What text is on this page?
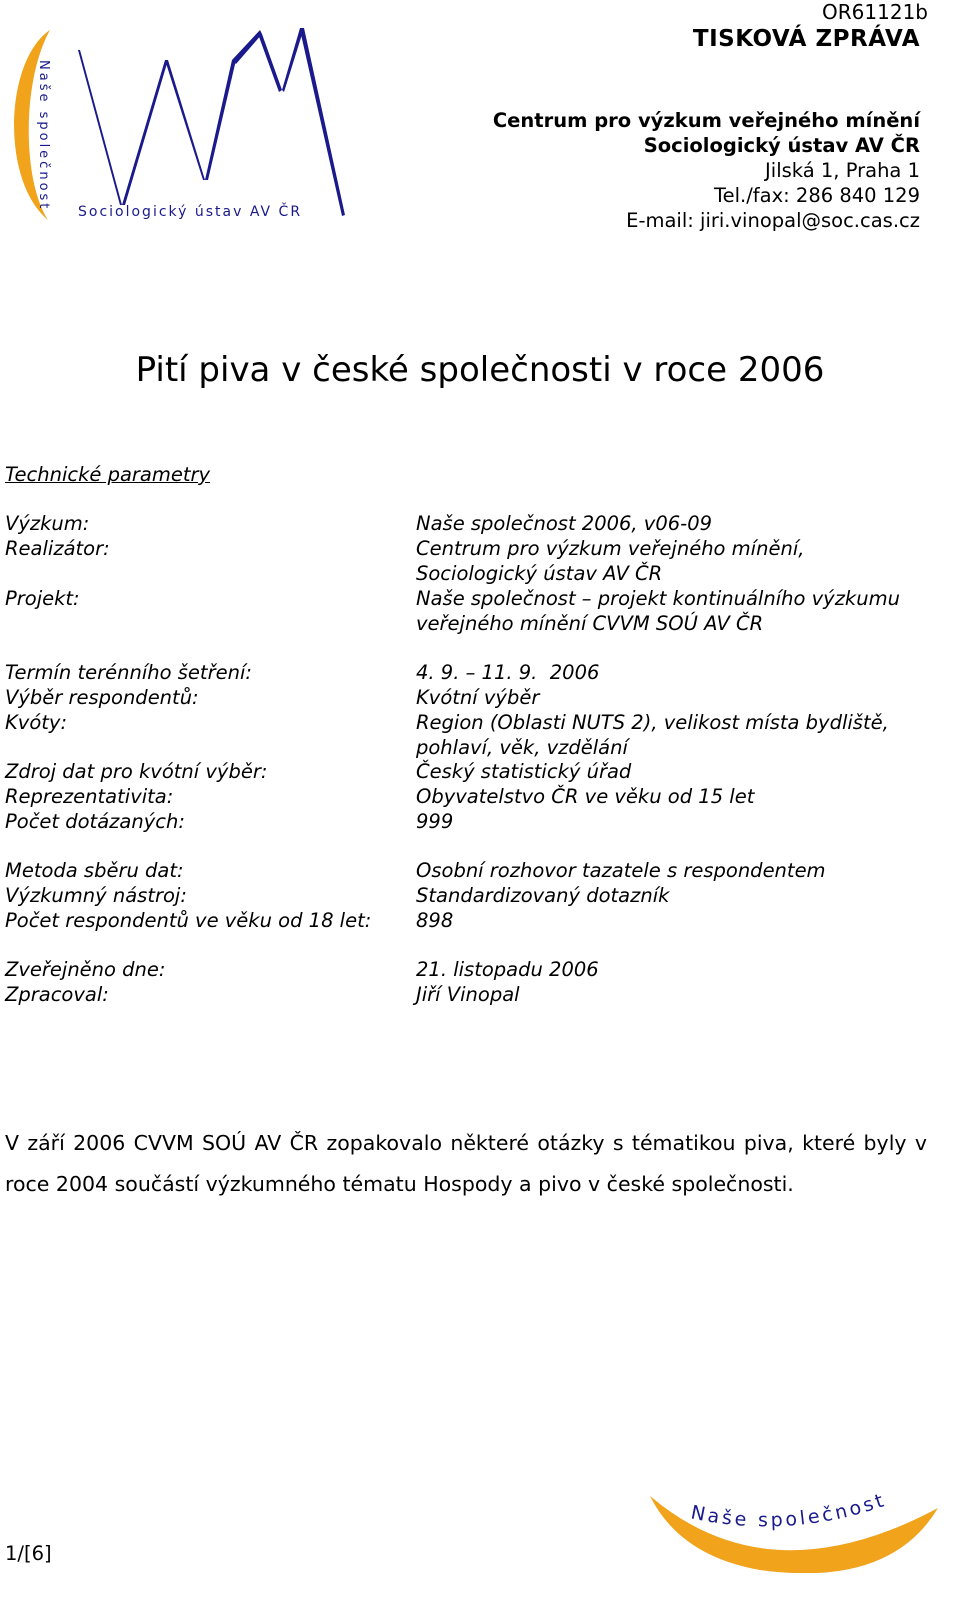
Naše společnost
Sociologický ústav AV ČR
OR61121b
TISKOVÁ ZPRÁVA
Centrum pro výzkum veřejného mínění
Sociologický ústav AV ČR
Jilská 1, Praha 1
Tel./fax: 286 840 129
E-mail: jiri.vinopal@soc.cas.cz
Pití piva v české společnosti v roce 2006
Technické parametry
Výzkum:	Naše společnost 2006, v06-09
Realizátor:	Centrum pro výzkum veřejného mínění,
Sociologický ústav AV ČR
Projekt:	Naše společnost – projekt kontinuálního výzkumu
veřejného mínění CVVM SOÚ AV ČR
Termín terénního šetření:	4. 9. – 11. 9.  2006
Výběr respondentů:	Kvótní výběr
Kvóty:	Region (Oblasti NUTS 2), velikost místa bydliště,
pohlaví, věk, vzdělání
Zdroj dat pro kvótní výběr:	Český statistický úřad
Reprezentativita:	Obyvatelstvo ČR ve věku od 15 let
Počet dotázaných:	999
Metoda sběru dat:	Osobní rozhovor tazatele s respondentem
Výzkumný nástroj:	Standardizovaný dotazník
Počet respondentů ve věku od 18 let: 898
Zveřejněno dne:	21. listopadu 2006
Zpracoval:	Jiří Vinopal
V září 2006 CVVM SOÚ AV ČR zopakovalo některé otázky s tématikou piva, které byly v roce 2004 součástí výzkumného tématu Hospody a pivo v české společnosti.
Naše společnost
1/[6]
